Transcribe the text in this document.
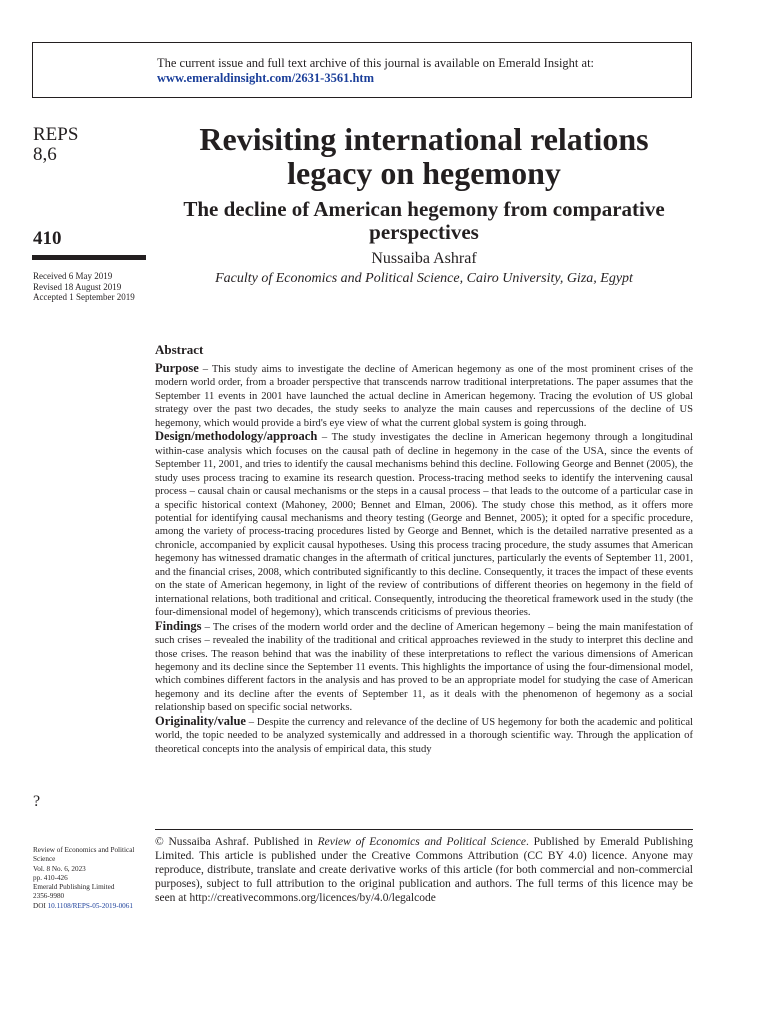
The current issue and full text archive of this journal is available on Emerald Insight at:
www.emeraldinsight.com/2631-3561.htm
REPS
8,6
410
Received 6 May 2019
Revised 18 August 2019
Accepted 1 September 2019
Revisiting international relations legacy on hegemony
The decline of American hegemony from comparative perspectives
Nussaiba Ashraf
Faculty of Economics and Political Science, Cairo University, Giza, Egypt
Abstract

Purpose – This study aims to investigate the decline of American hegemony as one of the most prominent crises of the modern world order, from a broader perspective that transcends narrow traditional interpretations. The paper assumes that the September 11 events in 2001 have launched the actual decline in American hegemony. Tracing the evolution of US global strategy over the past two decades, the study seeks to analyze the main causes and repercussions of the decline of US hegemony, which would provide a bird's eye view of what the current global system is going through.

Design/methodology/approach – The study investigates the decline in American hegemony through a longitudinal within-case analysis which focuses on the causal path of decline in hegemony in the case of the USA, since the events of September 11, 2001, and tries to identify the causal mechanisms behind this decline. Following George and Bennet (2005), the study uses process tracing to examine its research question. Process-tracing method seeks to identify the intervening causal process – causal chain or causal mechanisms or the steps in a causal process – that leads to the outcome of a particular case in a specific historical context (Mahoney, 2000; Bennet and Elman, 2006). The study chose this method, as it offers more potential for identifying causal mechanisms and theory testing (George and Bennet, 2005); it opted for a specific procedure, among the variety of process-tracing procedures listed by George and Bennet, which is the detailed narrative presented as a chronicle, accompanied by explicit causal hypotheses. Using this process tracing procedure, the study assumes that American hegemony has witnessed dramatic changes in the aftermath of critical junctures, particularly the events of September 11, 2001, and the financial crises, 2008, which contributed significantly to this decline. Consequently, it traces the impact of these events on the state of American hegemony, in light of the review of contributions of different theories on hegemony in the field of international relations, both traditional and critical. Consequently, introducing the theoretical framework used in the study (the four-dimensional model of hegemony), which transcends criticisms of previous theories.

Findings – The crises of the modern world order and the decline of American hegemony – being the main manifestation of such crises – revealed the inability of the traditional and critical approaches reviewed in the study to interpret this decline and those crises. The reason behind that was the inability of these interpretations to reflect the various dimensions of American hegemony and its decline since the September 11 events. This highlights the importance of using the four-dimensional model, which combines different factors in the analysis and has proved to be an appropriate model for studying the case of American hegemony and its decline after the events of September 11, as it deals with the phenomenon of hegemony as a social relationship based on specific social networks.

Originality/value – Despite the currency and relevance of the decline of US hegemony for both the academic and political world, the topic needed to be analyzed systemically and addressed in a thorough scientific way. Through the application of theoretical concepts into the analysis of empirical data, this study

?
Review of Economics and Political Science
Vol. 8 No. 6, 2023
pp. 410-426
Emerald Publishing Limited
2356-9980
DOI 10.1108/REPS-05-2019-0061
© Nussaiba Ashraf. Published in Review of Economics and Political Science. Published by Emerald Publishing Limited. This article is published under the Creative Commons Attribution (CC BY 4.0) licence. Anyone may reproduce, distribute, translate and create derivative works of this article (for both commercial and non-commercial purposes), subject to full attribution to the original publication and authors. The full terms of this licence may be seen at http://creativecommons.org/licences/by/4.0/legalcode
